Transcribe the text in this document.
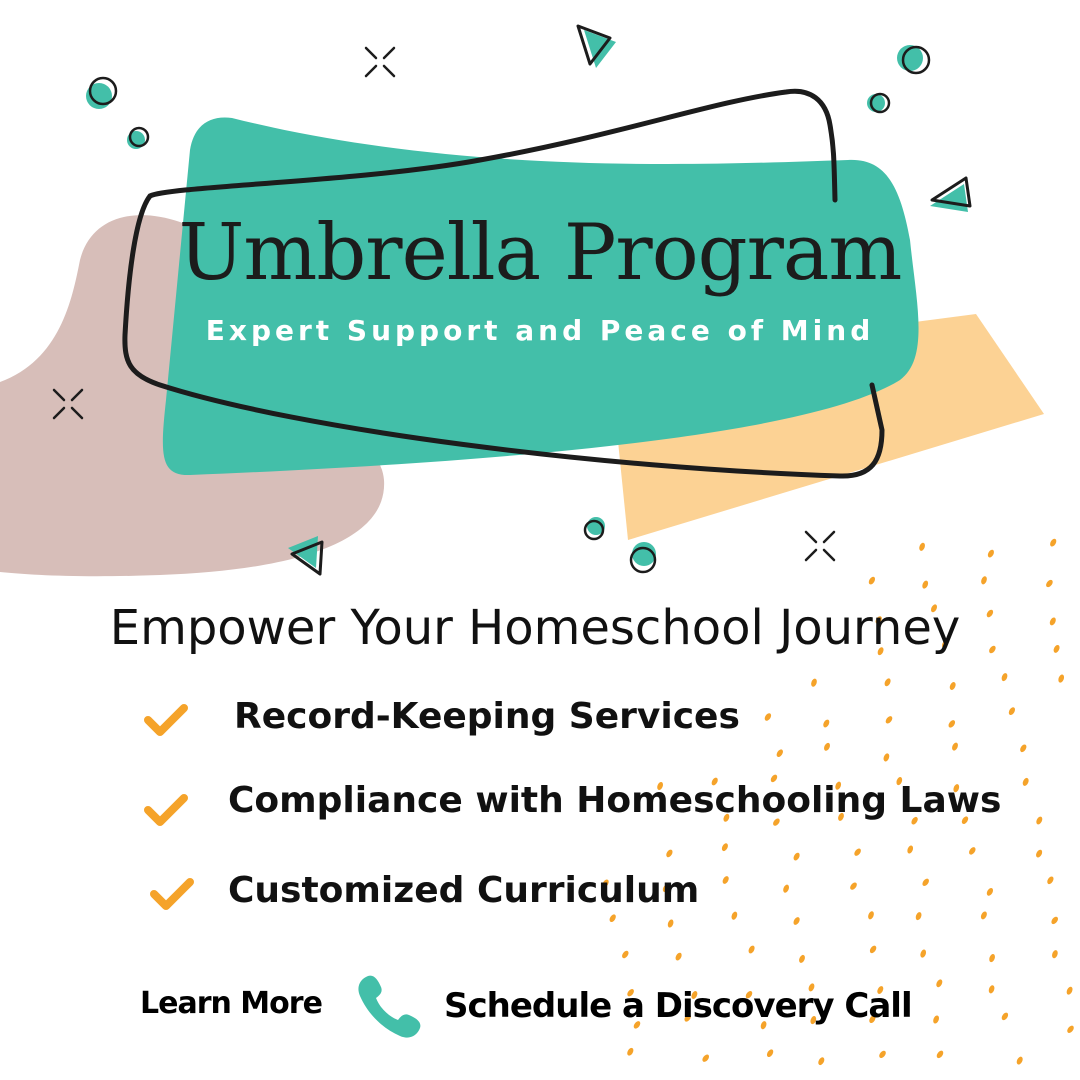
Umbrella Program
Expert Support and Peace of Mind
Empower Your Homeschool Journey
Record-Keeping Services
Compliance with Homeschooling Laws
Customized Curriculum
Learn More	Schedule a Discovery Call
